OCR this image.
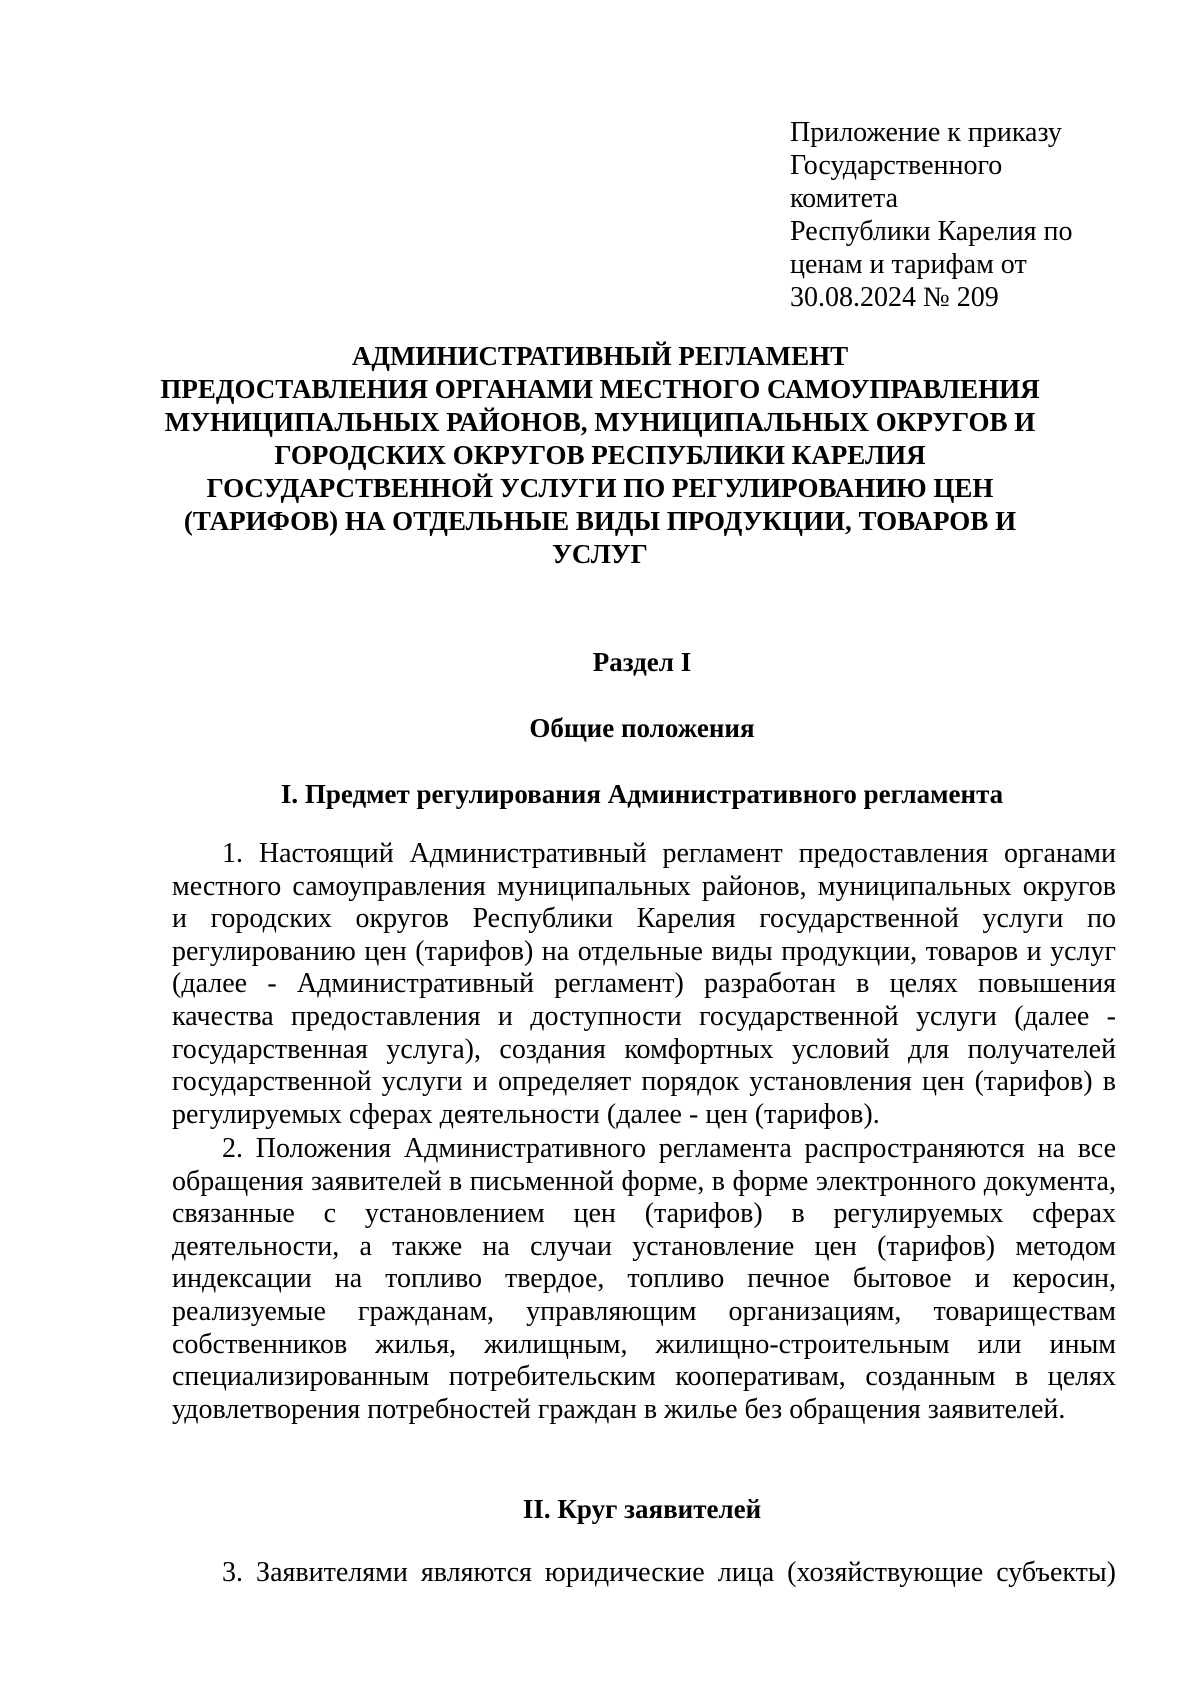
Приложение к приказу
Государственного
комитета
Республики Карелия по
ценам и тарифам от
30.08.2024 № 209
АДМИНИСТРАТИВНЫЙ РЕГЛАМЕНТ
ПРЕДОСТАВЛЕНИЯ ОРГАНАМИ МЕСТНОГО САМОУПРАВЛЕНИЯ
МУНИЦИПАЛЬНЫХ РАЙОНОВ, МУНИЦИПАЛЬНЫХ ОКРУГОВ И
ГОРОДСКИХ ОКРУГОВ РЕСПУБЛИКИ КАРЕЛИЯ
ГОСУДАРСТВЕННОЙ УСЛУГИ ПО РЕГУЛИРОВАНИЮ ЦЕН
(ТАРИФОВ) НА ОТДЕЛЬНЫЕ ВИДЫ ПРОДУКЦИИ, ТОВАРОВ И
УСЛУГ
Раздел I
Общие положения
I. Предмет регулирования Административного регламента

1. Настоящий Административный регламент предоставления органами местного самоуправления муниципальных районов, муниципальных округов и городских округов Республики Карелия государственной услуги по регулированию цен (тарифов) на отдельные виды продукции, товаров и услуг (далее - Административный регламент) разработан в целях повышения качества предоставления и доступности государственной услуги (далее - государственная услуга), создания комфортных условий для получателей государственной услуги и определяет порядок установления цен (тарифов) в регулируемых сферах деятельности (далее - цен (тарифов).

2. Положения Административного регламента распространяются на все обращения заявителей в письменной форме, в форме электронного документа, связанные с установлением цен (тарифов) в регулируемых сферах деятельности, а также на случаи установление цен (тарифов) методом индексации на топливо твердое, топливо печное бытовое и керосин, реализуемые гражданам, управляющим организациям, товариществам собственников жилья, жилищным, жилищно-строительным или иным специализированным потребительским кооперативам, созданным в целях удовлетворения потребностей граждан в жилье без обращения заявителей.

II. Круг заявителей

3. Заявителями являются юридические лица (хозяйствующие субъекты)
